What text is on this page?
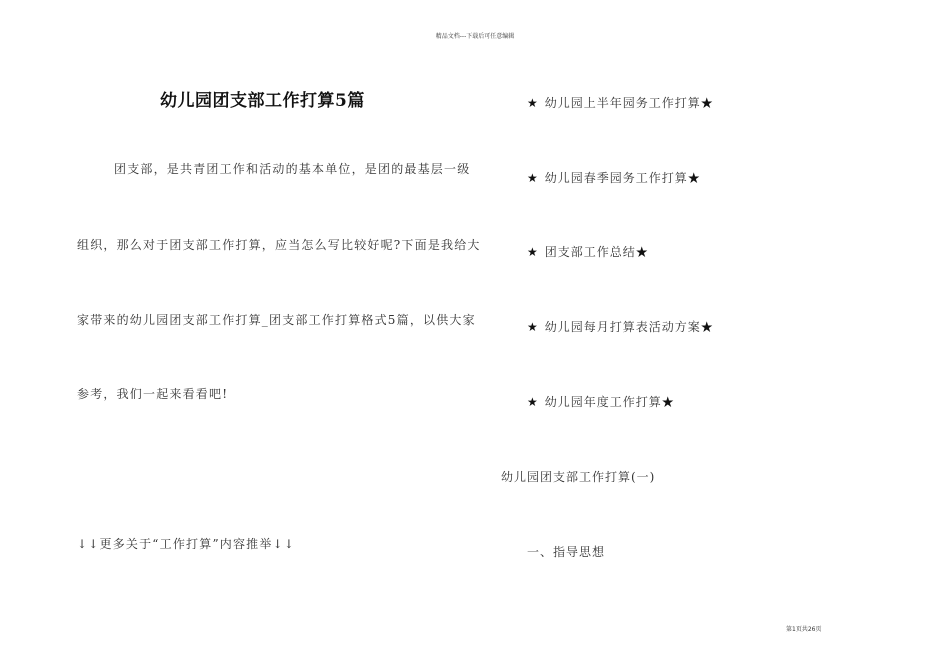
精品文档---下载后可任意编辑
幼儿园团支部工作打算5篇
团支部，是共青团工作和活动的基本单位，是团的最基层一级
组织，那么对于团支部工作打算，应当怎么写比较好呢?下面是我给大
家带来的幼儿园团支部工作打算_团支部工作打算格式5篇，以供大家
参考，我们一起来看看吧!
↓↓更多关于“工作打算”内容推举↓↓
★ 幼儿园上半年园务工作打算★
★ 幼儿园春季园务工作打算★
★ 团支部工作总结★
★ 幼儿园每月打算表活动方案★
★ 幼儿园年度工作打算★
幼儿园团支部工作打算(一)
一、指导思想
第1页共26页
